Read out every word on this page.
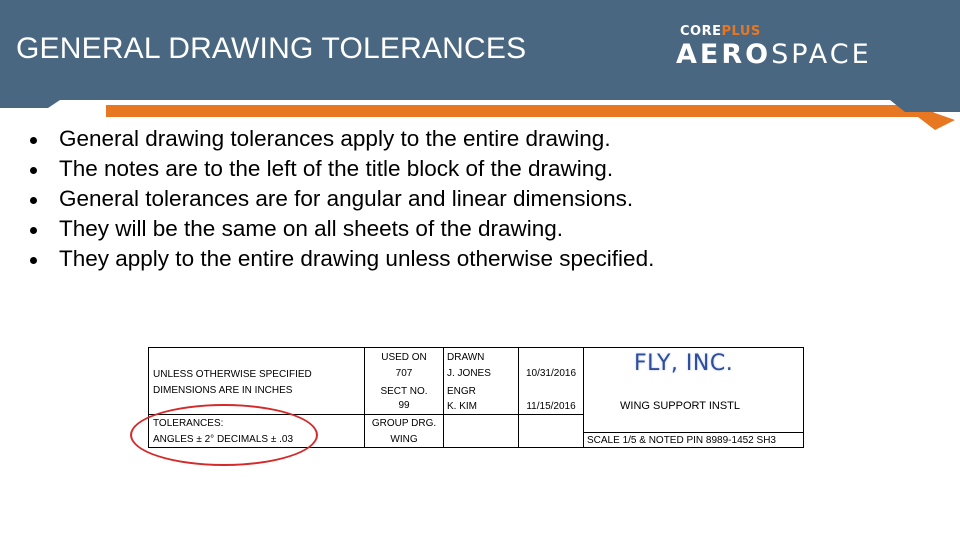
GENERAL DRAWING TOLERANCES
COREPLUS
AEROSPACE
General drawing tolerances apply to the entire drawing.
The notes are to the left of the title block of the drawing.
General tolerances are for angular and linear dimensions.
They will be the same on all sheets of the drawing.
They apply to the entire drawing unless otherwise specified.
UNLESS OTHERWISE SPECIFIED
DIMENSIONS ARE IN INCHES
TOLERANCES:
ANGLES ± 2° DECIMALS ± .03
USED ON
707
SECT NO.
99
GROUP DRG.
WING
DRAWN
J. JONES
ENGR
K. KIM
10/31/2016
11/15/2016
FLY, INC.
WING SUPPORT INSTL
SCALE 1/5 & NOTED PIN 8989-1452 SH3
